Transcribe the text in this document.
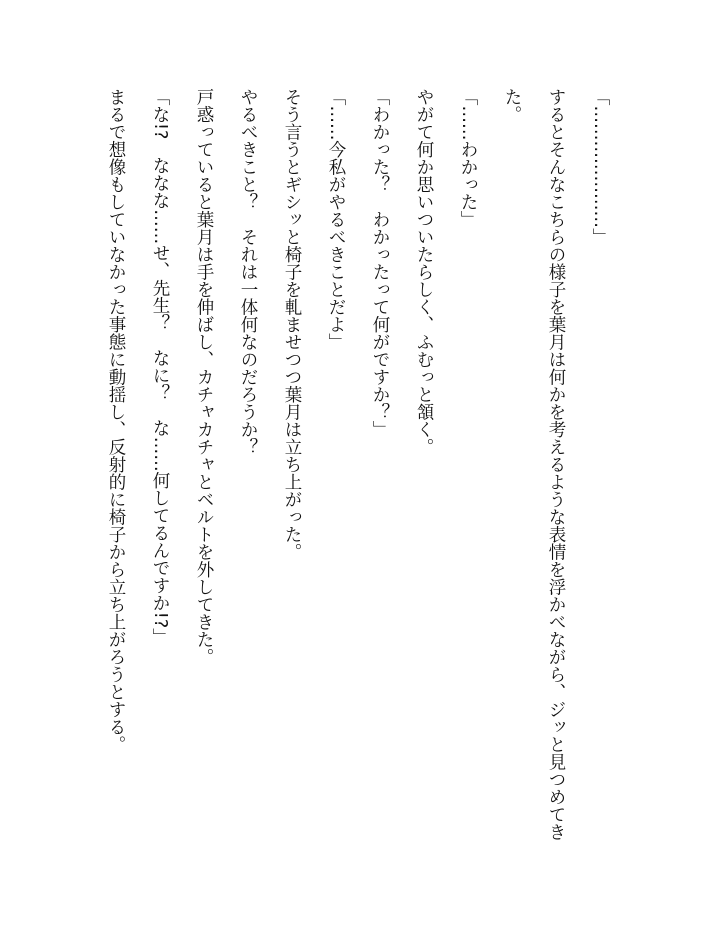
「…………………」

するとそんなこちらの様子を葉月は何かを考えるような表情を浮かべながら、ジッと見つめてきた。

「……わかった」

やがて何か思いついたらしく、ふむっと頷く。

「わかった？　わかったって何がですか？」

「……今私がやるべきことだよ」

そう言うとギシッと椅子を軋ませつつ葉月は立ち上がった。

やるべきこと？　それは一体何なのだろうか？

戸惑っていると葉月は手を伸ばし、カチャカチャとベルトを外してきた。

「な!?　ななな……せ、先生？　なに？　な……何してるんですか!?」

まるで想像もしていなかった事態に動揺し、反射的に椅子から立ち上がろうとする。
